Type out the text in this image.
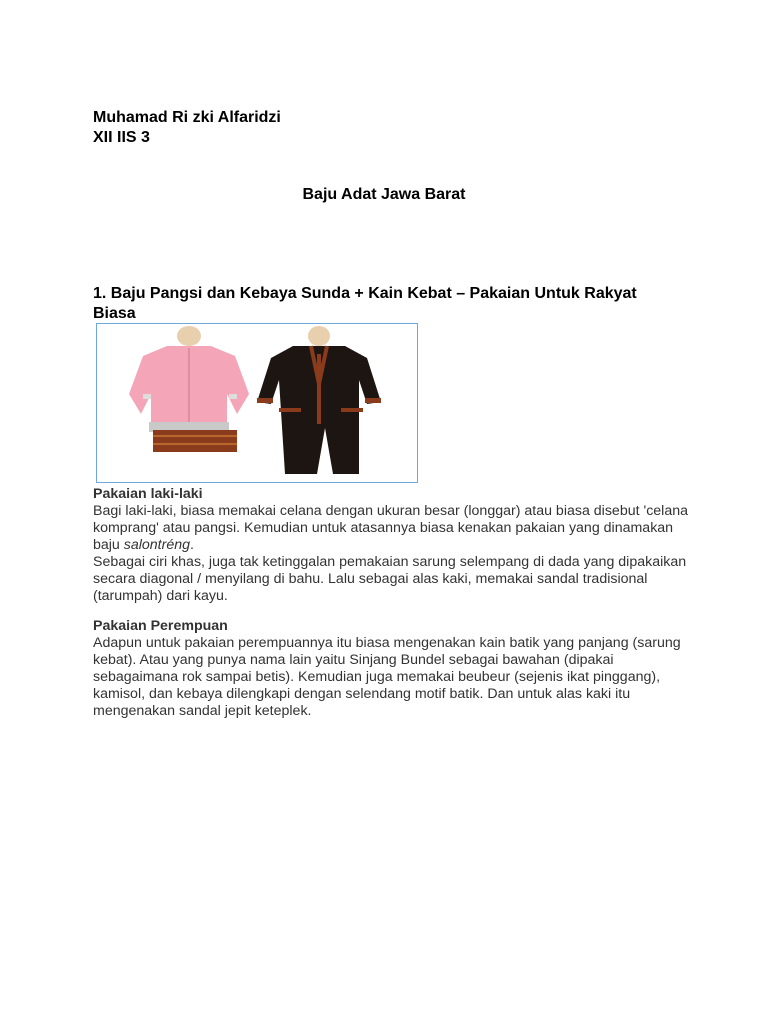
Muhamad Ri zki Alfaridzi
XII IIS 3
Baju Adat Jawa Barat
1. Baju Pangsi dan Kebaya Sunda + Kain Kebat – Pakaian Untuk Rakyat Biasa
Pakaian laki-laki
Bagi laki-laki, biasa memakai celana dengan ukuran besar (longgar) atau biasa disebut 'celana komprang' atau pangsi. Kemudian untuk atasannya biasa kenakan pakaian yang dinamakan baju salontréng.
Sebagai ciri khas, juga tak ketinggalan pemakaian sarung selempang di dada yang dipakaikan secara diagonal / menyilang di bahu. Lalu sebagai alas kaki, memakai sandal tradisional (tarumpah) dari kayu.
Pakaian Perempuan
Adapun untuk pakaian perempuannya itu biasa mengenakan kain batik yang panjang (sarung kebat). Atau yang punya nama lain yaitu Sinjang Bundel sebagai bawahan (dipakai sebagaimana rok sampai betis). Kemudian juga memakai beubeur (sejenis ikat pinggang), kamisol, dan kebaya dilengkapi dengan selendang motif batik. Dan untuk alas kaki itu mengenakan sandal jepit keteplek.
